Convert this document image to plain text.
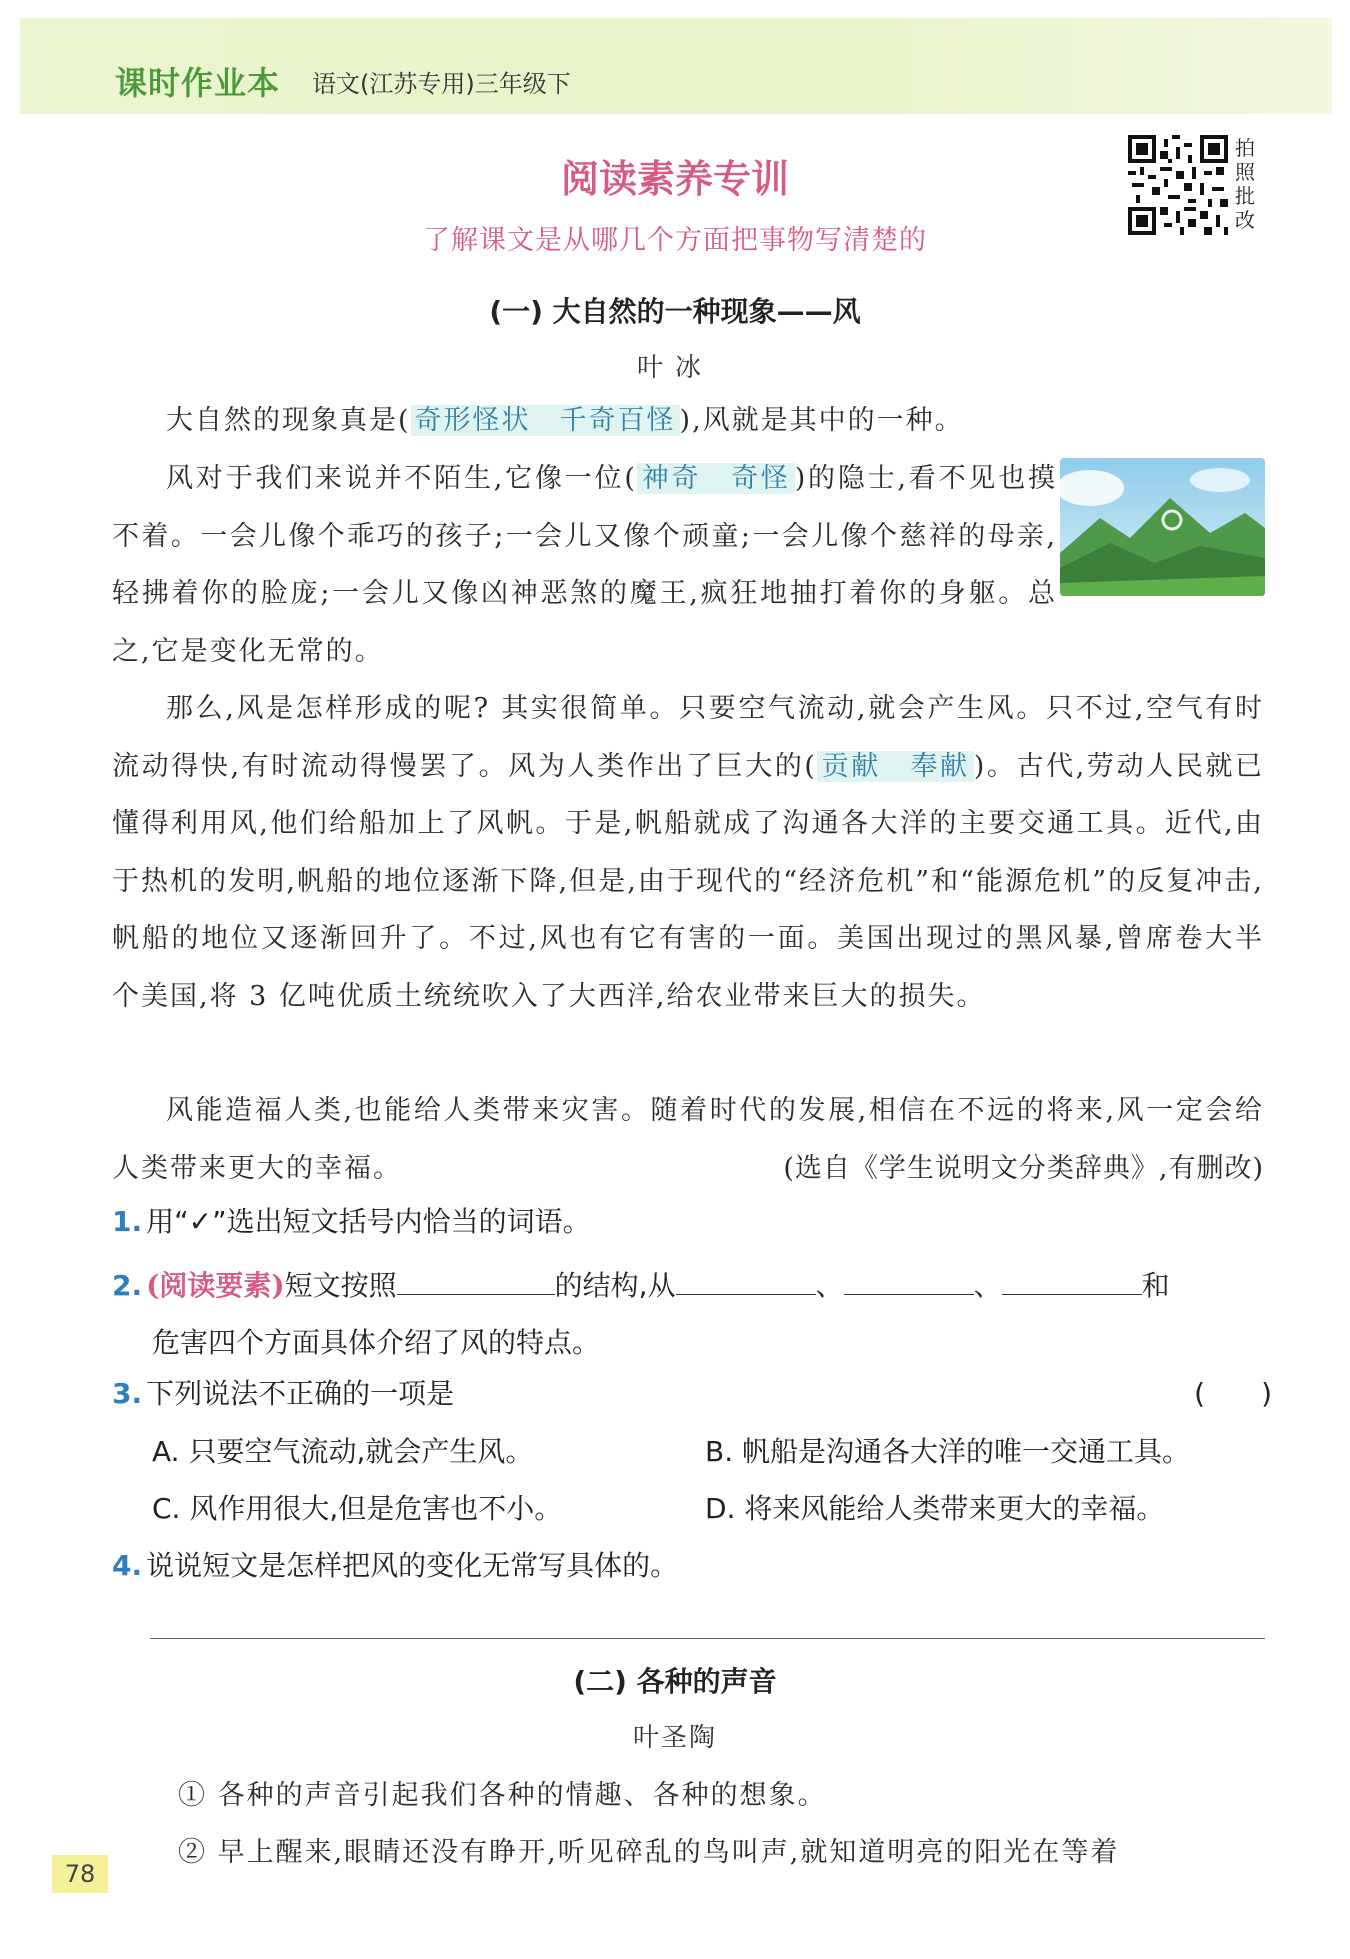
课时作业本 语文(江苏专用)三年级下
阅读素养专训
了解课文是从哪几个方面把事物写清楚的
拍照批改
(一) 大自然的一种现象——风
叶冰

大自然的现象真是( 奇形怪状　千奇百怪 ),风就是其中的一种。

风对于我们来说并不陌生,它像一位( 神奇　奇怪 )的隐士,看不见也摸不着。一会儿像个乖巧的孩子;一会儿又像个顽童;一会儿像个慈祥的母亲,轻拂着你的脸庞;一会儿又像凶神恶煞的魔王,疯狂地抽打着你的身躯。总之,它是变化无常的。

那么,风是怎样形成的呢? 其实很简单。只要空气流动,就会产生风。只不过,空气有时流动得快,有时流动得慢罢了。风为人类作出了巨大的( 贡献　奉献 )。古代,劳动人民就已懂得利用风,他们给船加上了风帆。于是,帆船就成了沟通各大洋的主要交通工具。近代,由于热机的发明,帆船的地位逐渐下降,但是,由于现代的“经济危机”和“能源危机”的反复冲击,帆船的地位又逐渐回升了。不过,风也有它有害的一面。美国出现过的黑风暴,曾席卷大半个美国,将 3 亿吨优质土统统吹入了大西洋,给农业带来巨大的损失。

风能造福人类,也能给人类带来灾害。随着时代的发展,相信在不远的将来,风一定会给人类带来更大的幸福。	(选自《学生说明文分类辞典》,有删改)

1. 用“✓”选出短文括号内恰当的词语。
2. (阅读要素)短文按照	的结构,从	、	、	和
危害四个方面具体介绍了风的特点。
3. 下列说法不正确的一项是	(　　)
A. 只要空气流动,就会产生风。	B. 帆船是沟通各大洋的唯一交通工具。
C. 风作用很大,但是危害也不小。	D. 将来风能给人类带来更大的幸福。
4. 说说短文是怎样把风的变化无常写具体的。
(二) 各种的声音
叶圣陶
① 各种的声音引起我们各种的情趣、各种的想象。
② 早上醒来,眼睛还没有睁开,听见碎乱的鸟叫声,就知道明亮的阳光在等着
78
